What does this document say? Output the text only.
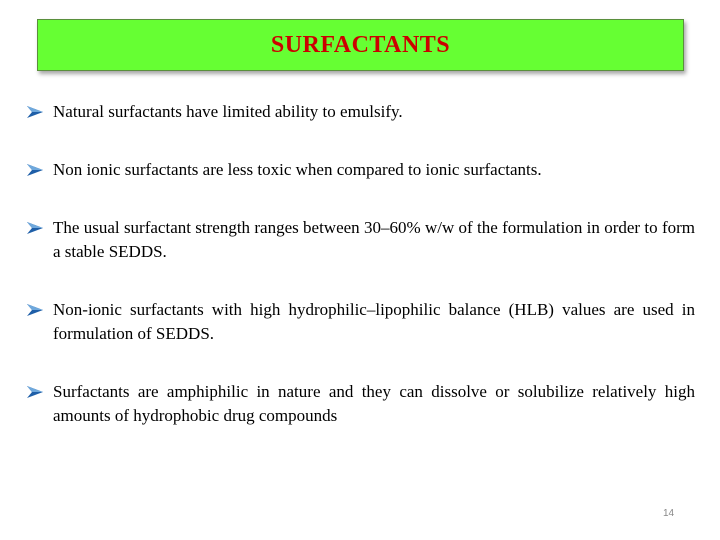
SURFACTANTS
Natural surfactants have limited ability to emulsify.
Non ionic surfactants are less toxic when compared to ionic surfactants.
The usual surfactant strength ranges between 30–60% w/w of the formulation in order to form a stable SEDDS.
Non-ionic surfactants with high hydrophilic–lipophilic balance (HLB) values are used in formulation of SEDDS.
Surfactants are amphiphilic in nature and they can dissolve or solubilize relatively high amounts of hydrophobic drug compounds
14
